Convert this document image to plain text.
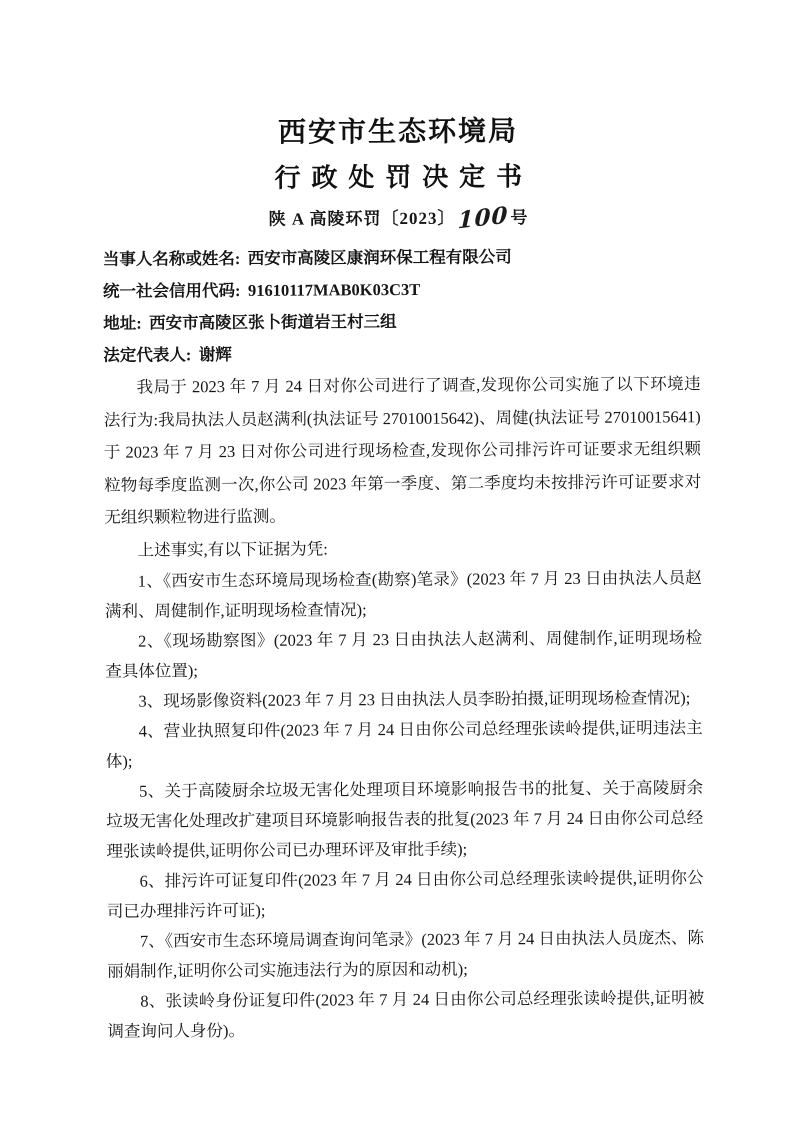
西安市生态环境局
行政处罚决定书
陕 A 高陵环罚〔2023〕100 号
当事人名称或姓名: 西安市高陵区康润环保工程有限公司
统一社会信用代码: 91610117MAB0K03C3T
地址: 西安市高陵区张卜街道岩王村三组
法定代表人: 谢辉

我局于 2023 年 7 月 24 日对你公司进行了调查,发现你公司实施了以下环境违法行为:我局执法人员赵满利(执法证号 27010015642)、周健(执法证号 27010015641)于 2023 年 7 月 23 日对你公司进行现场检查,发现你公司排污许可证要求无组织颗粒物每季度监测一次,你公司 2023 年第一季度、第二季度均未按排污许可证要求对无组织颗粒物进行监测。

上述事实,有以下证据为凭:

1、《西安市生态环境局现场检查(勘察)笔录》(2023 年 7 月 23 日由执法人员赵满利、周健制作,证明现场检查情况);

2、《现场勘察图》(2023 年 7 月 23 日由执法人赵满利、周健制作,证明现场检查具体位置);

3、现场影像资料(2023 年 7 月 23 日由执法人员李盼拍摄,证明现场检查情况);

4、营业执照复印件(2023 年 7 月 24 日由你公司总经理张读岭提供,证明违法主体);

5、关于高陵厨余垃圾无害化处理项目环境影响报告书的批复、关于高陵厨余垃圾无害化处理改扩建项目环境影响报告表的批复(2023 年 7 月 24 日由你公司总经理张读岭提供,证明你公司已办理环评及审批手续);

6、排污许可证复印件(2023 年 7 月 24 日由你公司总经理张读岭提供,证明你公司已办理排污许可证);

7、《西安市生态环境局调查询问笔录》(2023 年 7 月 24 日由执法人员庞杰、陈丽娟制作,证明你公司实施违法行为的原因和动机);

8、张读岭身份证复印件(2023 年 7 月 24 日由你公司总经理张读岭提供,证明被调查询问人身份)。
